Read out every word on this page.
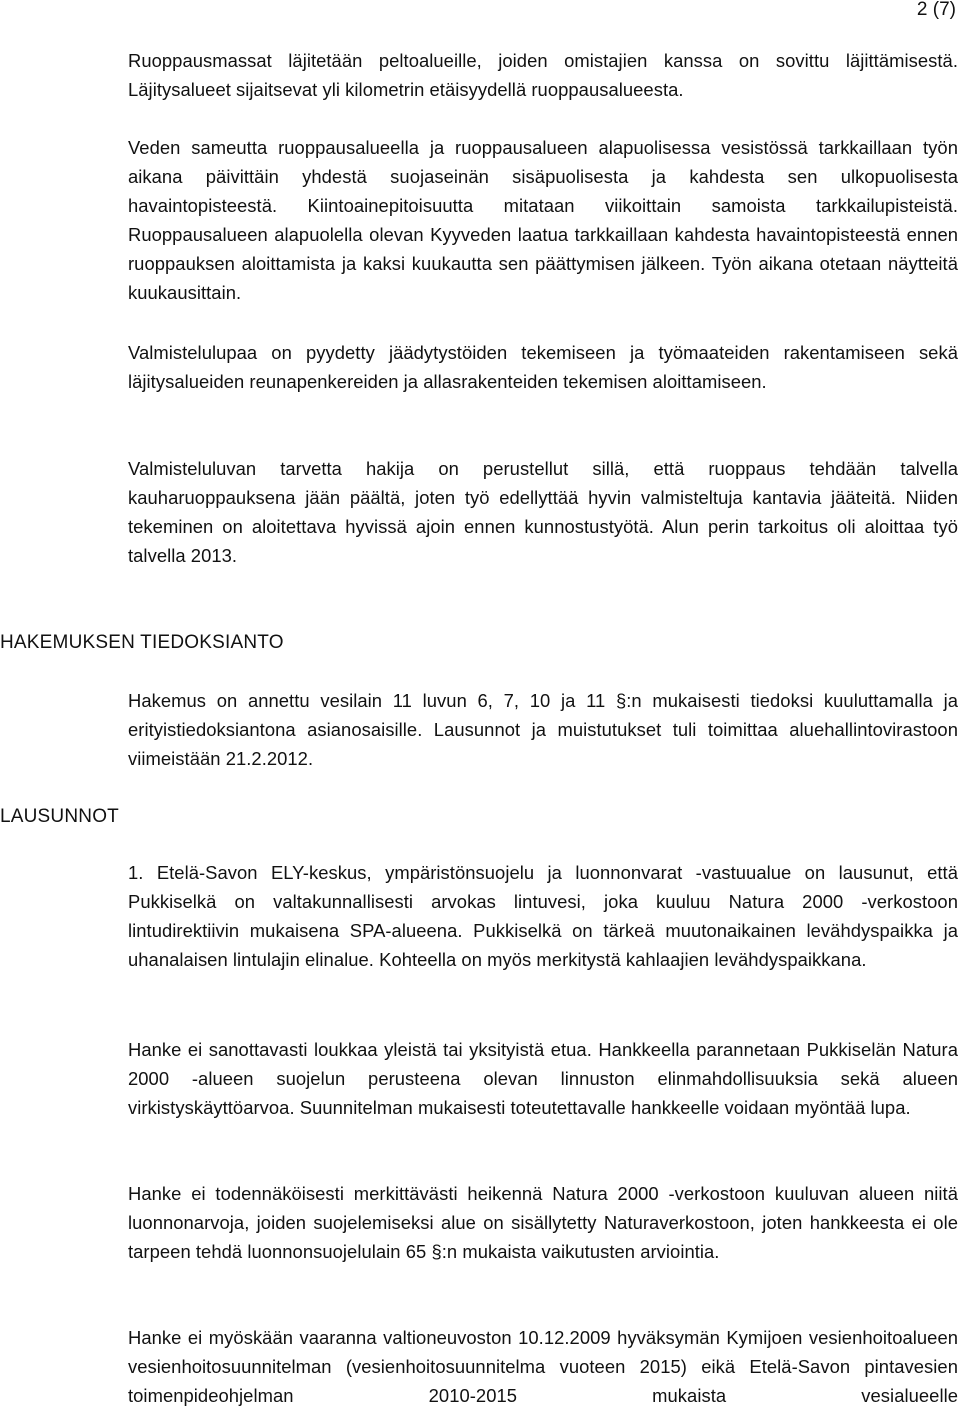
2 (7)

Ruoppausmassat läjitetään peltoalueille, joiden omistajien kanssa on sovittu läjittämisestä. Läjitysalueet sijaitsevat yli kilometrin etäisyydellä ruoppausalueesta.

Veden sameutta ruoppausalueella ja ruoppausalueen alapuolisessa vesistössä tarkkaillaan työn aikana päivittäin yhdestä suojaseinän sisäpuolisesta ja kahdesta sen ulkopuolisesta havaintopisteestä. Kiintoainepitoisuutta mitataan viikoittain samoista tarkkailupisteistä. Ruoppausalueen alapuolella olevan Kyyveden laatua tarkkaillaan kahdesta havaintopisteestä ennen ruoppauksen aloittamista ja kaksi kuukautta sen päättymisen jälkeen. Työn aikana otetaan näytteitä kuukausittain.

Valmistelulupaa on pyydetty jäädytystöiden tekemiseen ja työmaateiden rakentamiseen sekä läjitysalueiden reunapenkereiden ja allasrakenteiden tekemisen aloittamiseen.

Valmisteluluvan tarvetta hakija on perustellut sillä, että ruoppaus tehdään talvella kauharuoppauksena jään päältä, joten työ edellyttää hyvin valmisteltuja kantavia jääteitä. Niiden tekeminen on aloitettava hyvissä ajoin ennen kunnostustyötä. Alun perin tarkoitus oli aloittaa työ talvella 2013.

HAKEMUKSEN TIEDOKSIANTO

Hakemus on annettu vesilain 11 luvun 6, 7, 10 ja 11 §:n mukaisesti tiedoksi kuuluttamalla ja erityistiedoksiantona asianosaisille. Lausunnot ja muistutukset tuli toimittaa aluehallintovirastoon viimeistään 21.2.2012.

LAUSUNNOT

1. Etelä-Savon ELY-keskus, ympäristönsuojelu ja luonnonvarat -vastuualue on lausunut, että Pukkiselkä on valtakunnallisesti arvokas lintuvesi, joka kuuluu Natura 2000 -verkostoon lintudirektiivin mukaisena SPA-alueena. Pukkiselkä on tärkeä muutonaikainen levähdyspaikka ja uhanalaisen lintulajin elinalue. Kohteella on myös merkitystä kahlaajien levähdyspaikkana.

Hanke ei sanottavasti loukkaa yleistä tai yksityistä etua. Hankkeella parannetaan Pukkiselän Natura 2000 -alueen suojelun perusteena olevan linnuston elinmahdollisuuksia sekä alueen virkistyskäyttöarvoa. Suunnitelman mukaisesti toteutettavalle hankkeelle voidaan myöntää lupa.

Hanke ei todennäköisesti merkittävästi heikennä Natura 2000 -verkostoon kuuluvan alueen niitä luonnonarvoja, joiden suojelemiseksi alue on sisällytetty Naturaverkostoon, joten hankkeesta ei ole tarpeen tehdä luonnonsuojelulain 65 §:n mukaista vaikutusten arviointia.

Hanke ei myöskään vaaranna valtioneuvoston 10.12.2009 hyväksymän Kymijoen vesienhoitoalueen vesienhoitosuunnitelman (vesienhoitosuunnitelma vuoteen 2015) eikä Etelä-Savon pintavesien toimenpideohjelman 2010-2015 mukaista vesialueelle
